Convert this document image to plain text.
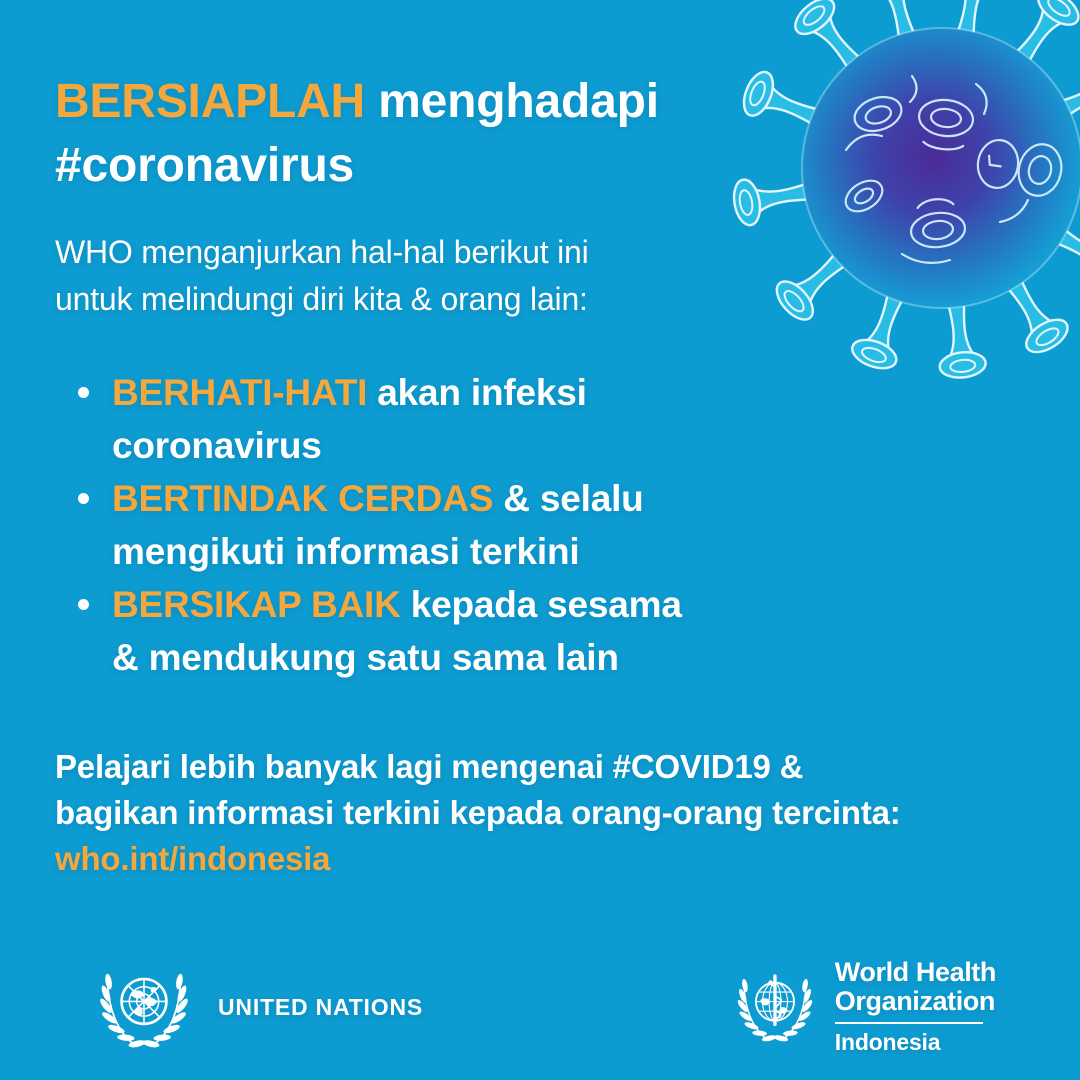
BERSIAPLAH menghadapi
#coronavirus

WHO menganjurkan hal-hal berikut ini
untuk melindungi diri kita & orang lain:

BERHATI-HATI akan infeksi
coronavirus
BERTINDAK CERDAS & selalu
mengikuti informasi terkini
BERSIKAP BAIK kepada sesama
& mendukung satu sama lain
Pelajari lebih banyak lagi mengenai #COVID19 &
bagikan informasi terkini kepada orang-orang tercinta:
who.int/indonesia
UNITED NATIONS
World Health
Organization
Indonesia
